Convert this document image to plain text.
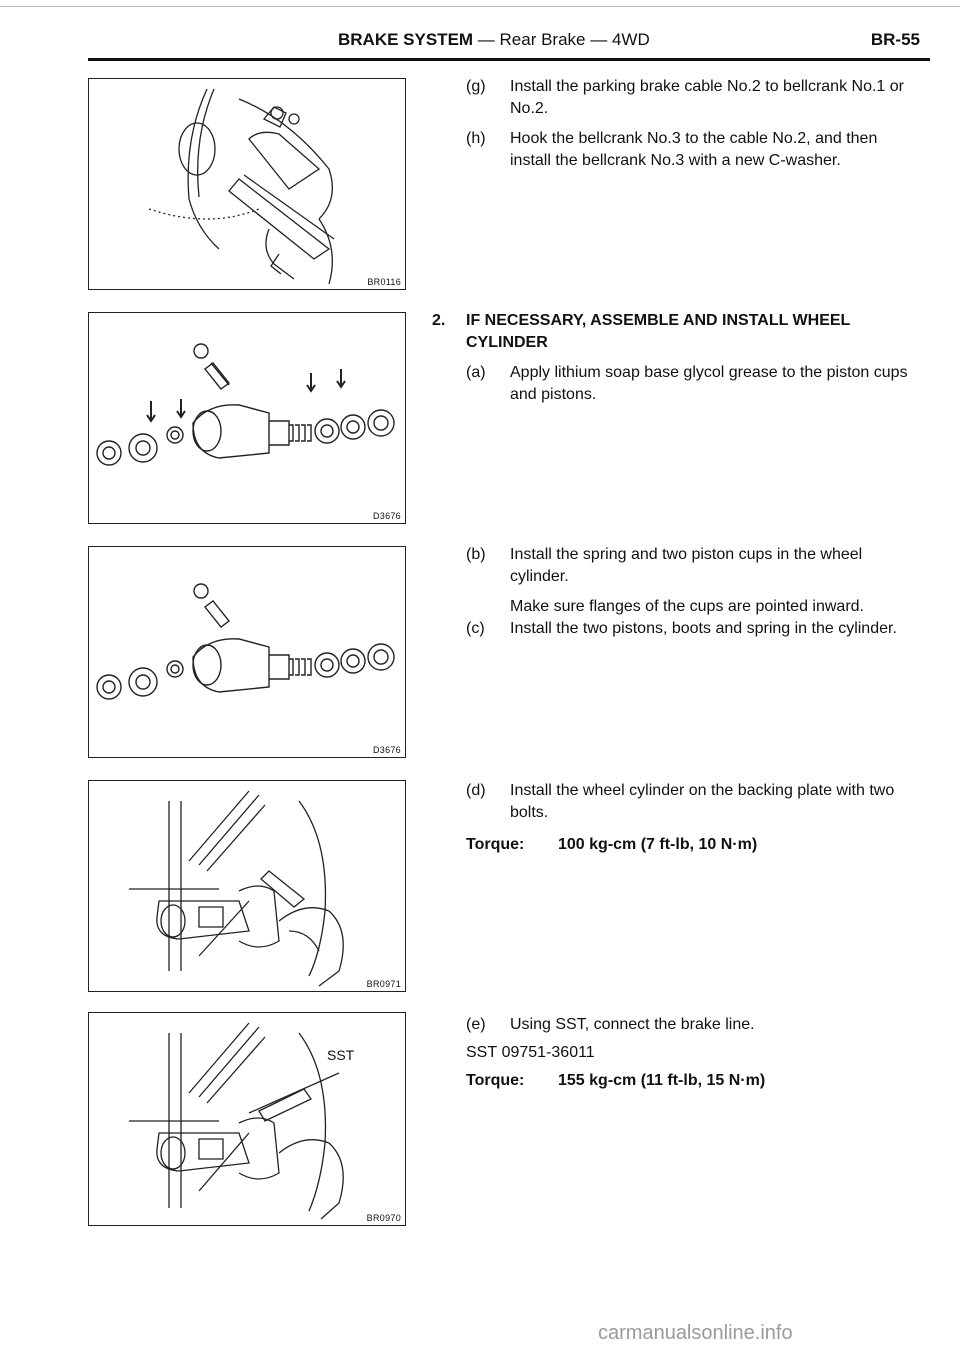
BRAKE SYSTEM — Rear Brake — 4WD	BR-55
BR0116
D3676
D3676
BR0971
SST
BR0970
(g) Install the parking brake cable No.2 to bellcrank No.1 or No.2.
(h) Hook the bellcrank No.3 to the cable No.2, and then install the bellcrank No.3 with a new C-washer.
2. IF NECESSARY, ASSEMBLE AND INSTALL WHEEL CYLINDER
(a) Apply lithium soap base glycol grease to the piston cups and pistons.
(b) Install the spring and two piston cups in the wheel cylinder.
Make sure flanges of the cups are pointed inward.
(c) Install the two pistons, boots and spring in the cylinder.
(d) Install the wheel cylinder on the backing plate with two bolts.
Torque: 100 kg-cm (7 ft-lb, 10 N·m)
(e) Using SST, connect the brake line.
SST 09751-36011
Torque: 155 kg-cm (11 ft-lb, 15 N·m)
carmanualsonline.info
